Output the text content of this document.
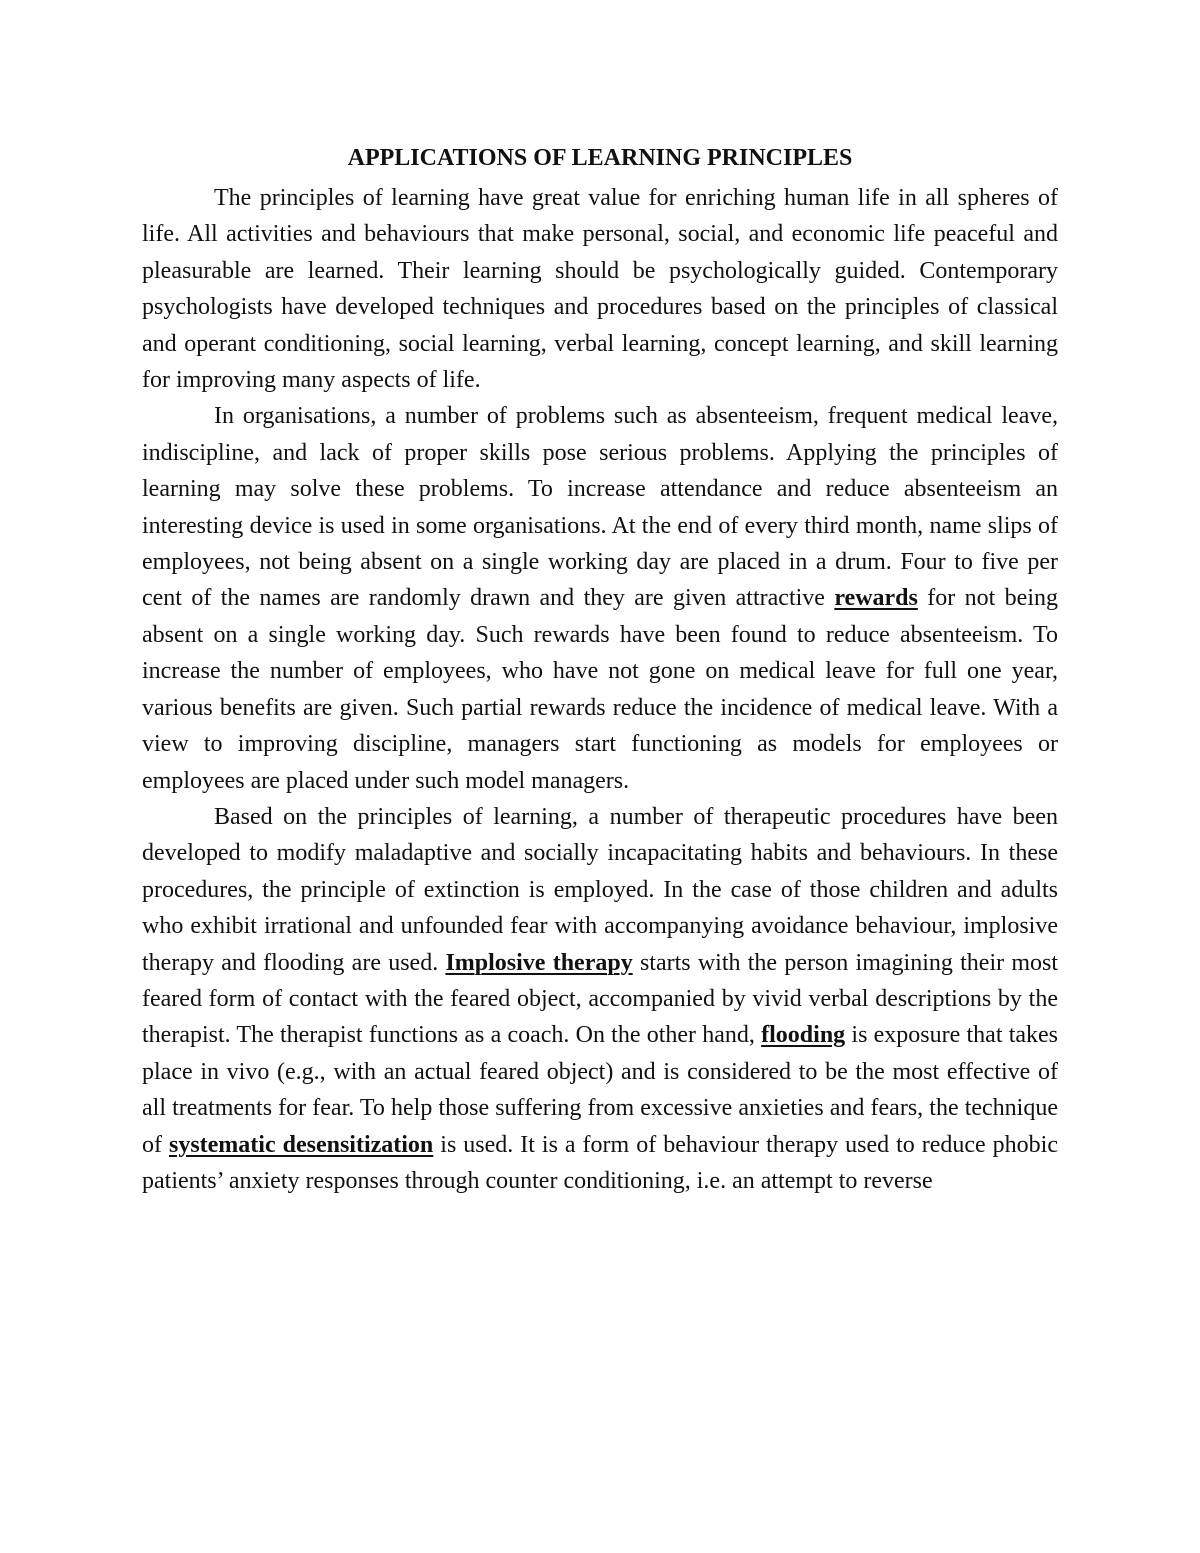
APPLICATIONS OF LEARNING PRINCIPLES

The principles of learning have great value for enriching human life in all spheres of life. All activities and behaviours that make personal, social, and economic life peaceful and pleasurable are learned. Their learning should be psychologically guided. Contemporary psychologists have developed techniques and procedures based on the principles of classical and operant conditioning, social learning, verbal learning, concept learning, and skill learning for improving many aspects of life.

In organisations, a number of problems such as absenteeism, frequent medical leave, indiscipline, and lack of proper skills pose serious problems. Applying the principles of learning may solve these problems. To increase attendance and reduce absenteeism an interesting device is used in some organisations. At the end of every third month, name slips of employees, not being absent on a single working day are placed in a drum. Four to five per cent of the names are randomly drawn and they are given attractive rewards for not being absent on a single working day. Such rewards have been found to reduce absenteeism. To increase the number of employees, who have not gone on medical leave for full one year, various benefits are given. Such partial rewards reduce the incidence of medical leave. With a view to improving discipline, managers start functioning as models for employees or employees are placed under such model managers.

Based on the principles of learning, a number of therapeutic procedures have been developed to modify maladaptive and socially incapacitating habits and behaviours. In these procedures, the principle of extinction is employed. In the case of those children and adults who exhibit irrational and unfounded fear with accompanying avoidance behaviour, implosive therapy and flooding are used. Implosive therapy starts with the person imagining their most feared form of contact with the feared object, accompanied by vivid verbal descriptions by the therapist. The therapist functions as a coach. On the other hand, flooding is exposure that takes place in vivo (e.g., with an actual feared object) and is considered to be the most effective of all treatments for fear. To help those suffering from excessive anxieties and fears, the technique of systematic desensitization is used. It is a form of behaviour therapy used to reduce phobic patients’ anxiety responses through counter conditioning, i.e. an attempt to reverse
